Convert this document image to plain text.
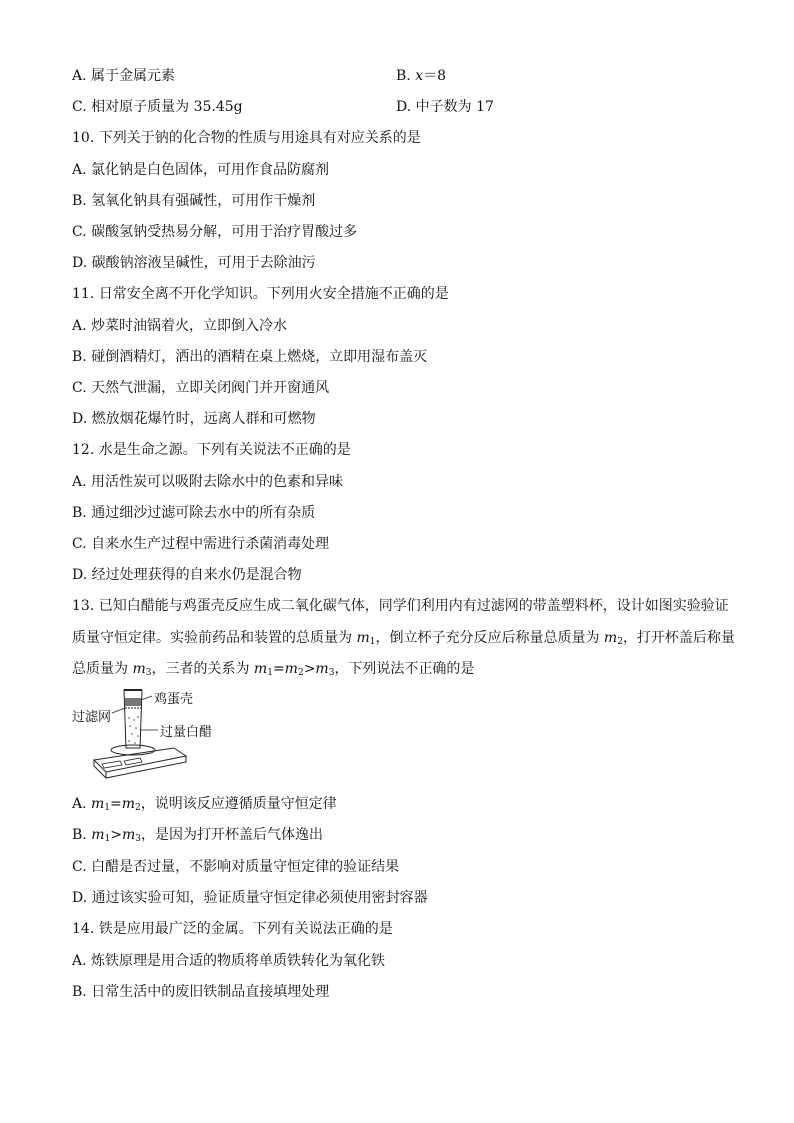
A. 属于金属元素	B. x＝8
C. 相对原子质量为 35.45g	D. 中子数为 17
10. 下列关于钠的化合物的性质与用途具有对应关系的是
A. 氯化钠是白色固体，可用作食品防腐剂
B. 氢氧化钠具有强碱性，可用作干燥剂
C. 碳酸氢钠受热易分解，可用于治疗胃酸过多
D. 碳酸钠溶液呈碱性，可用于去除油污
11. 日常安全离不开化学知识。下列用火安全措施不正确的是
A. 炒菜时油锅着火，立即倒入冷水
B. 碰倒酒精灯，洒出的酒精在桌上燃烧，立即用湿布盖灭
C. 天然气泄漏，立即关闭阀门并开窗通风
D. 燃放烟花爆竹时，远离人群和可燃物
12. 水是生命之源。下列有关说法不正确的是
A. 用活性炭可以吸附去除水中的色素和异味
B. 通过细沙过滤可除去水中的所有杂质
C. 自来水生产过程中需进行杀菌消毒处理
D. 经过处理获得的自来水仍是混合物
13. 已知白醋能与鸡蛋壳反应生成二氧化碳气体，同学们利用内有过滤网的带盖塑料杯，设计如图实验验证
质量守恒定律。实验前药品和装置的总质量为 $m_1$，倒立杯子充分反应后称量总质量为 $m_2$，打开杯盖后称量
总质量为 $m_3$，三者的关系为 $m_1=m_2>m_3$，下列说法不正确的是
鸡蛋壳
过滤网
过量白醋
A. $m_1=m_2$，说明该反应遵循质量守恒定律
B. $m_1>m_3$，是因为打开杯盖后气体逸出
C. 白醋是否过量，不影响对质量守恒定律的验证结果
D. 通过该实验可知，验证质量守恒定律必须使用密封容器
14. 铁是应用最广泛的金属。下列有关说法正确的是
A. 炼铁原理是用合适的物质将单质铁转化为氧化铁
B. 日常生活中的废旧铁制品直接填埋处理
